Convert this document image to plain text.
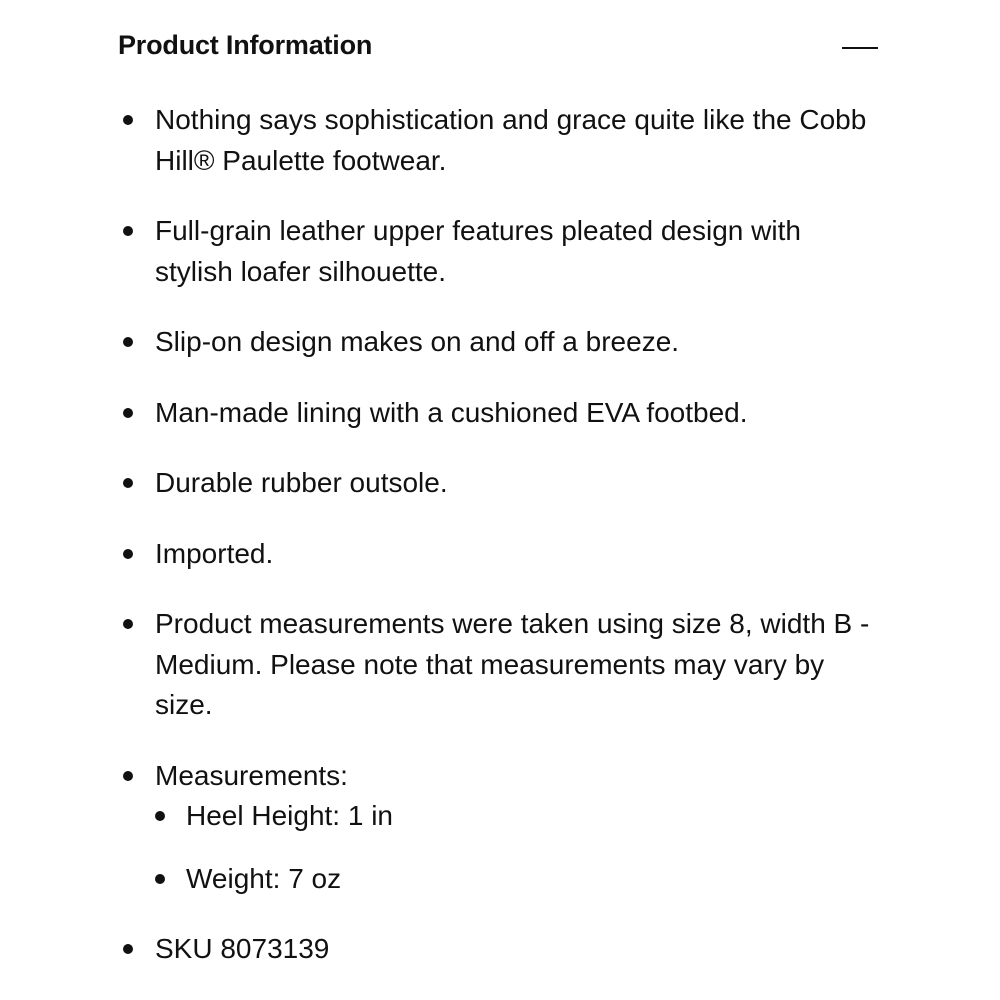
Product Information
Nothing says sophistication and grace quite like the Cobb Hill® Paulette footwear.
Full-grain leather upper features pleated design with stylish loafer silhouette.
Slip-on design makes on and off a breeze.
Man-made lining with a cushioned EVA footbed.
Durable rubber outsole.
Imported.
Product measurements were taken using size 8, width B - Medium. Please note that measurements may vary by size.
Measurements:
Heel Height: 1 in
Weight: 7 oz
SKU 8073139
